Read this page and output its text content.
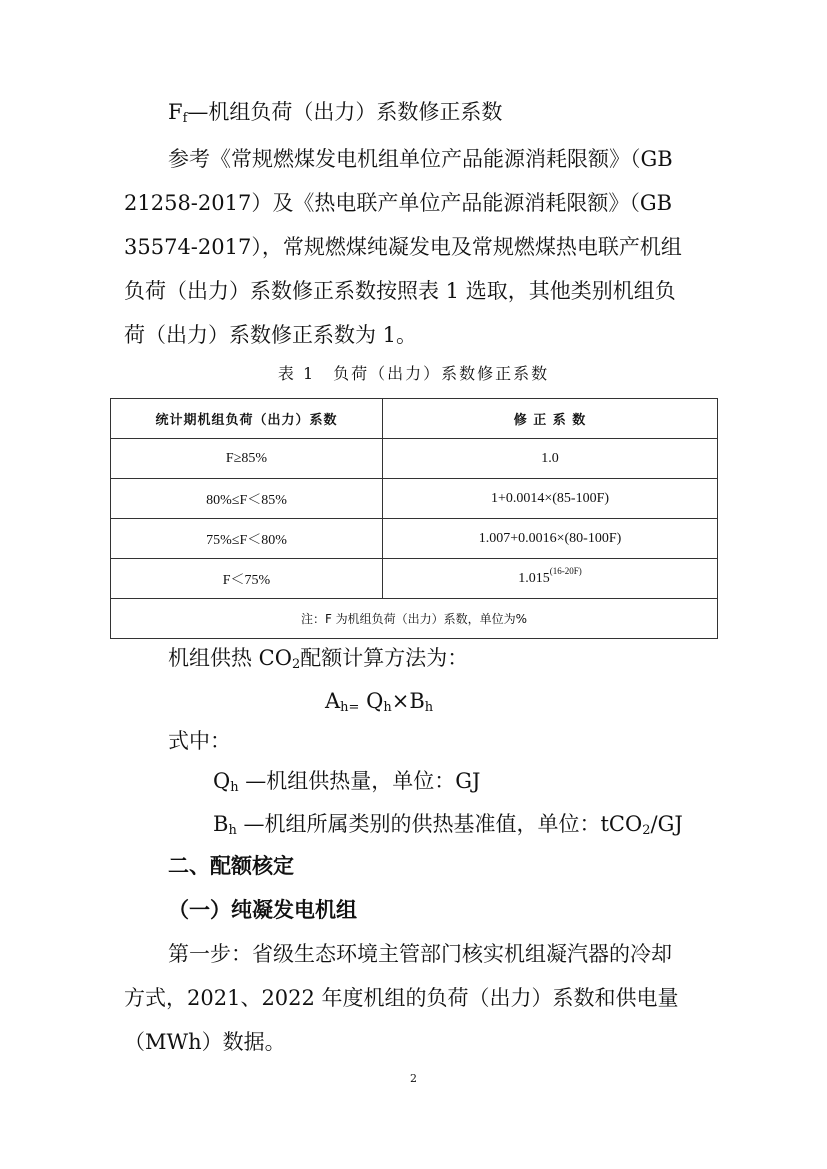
$F_f—$机组负荷（出力）系数修正系数
参考《常规燃煤发电机组单位产品能源消耗限额》（GB
21258-2017）及《热电联产单位产品能源消耗限额》（GB
35574-2017），常规燃煤纯凝发电及常规燃煤热电联产机组
负荷（出力）系数修正系数按照表 1 选取，其他类别机组负
荷（出力）系数修正系数为 1。
表 1　负荷（出力）系数修正系数
统计期机组负荷（出力）系数	修 正 系 数
F≥85%	1.0
80%≤F＜85%	1+0.0014×(85-100F)
75%≤F＜80%	1.007+0.0016×(80-100F)
F＜75%	$1.015^{(16-20F)}$
注：F 为机组负荷（出力）系数，单位为%	
机组供热 $CO_2$配额计算方法为：
$A_{h=}$ $Q_h\times B_h$
式中：
$Q_h$ —机组供热量，单位：GJ
$B_h$ —机组所属类别的供热基准值，单位：tCO$_2$/GJ
二、配额核定
（一）纯凝发电机组
第一步：省级生态环境主管部门核实机组凝汽器的冷却
方式，2021、2022 年度机组的负荷（出力）系数和供电量
（MWh）数据。
2
